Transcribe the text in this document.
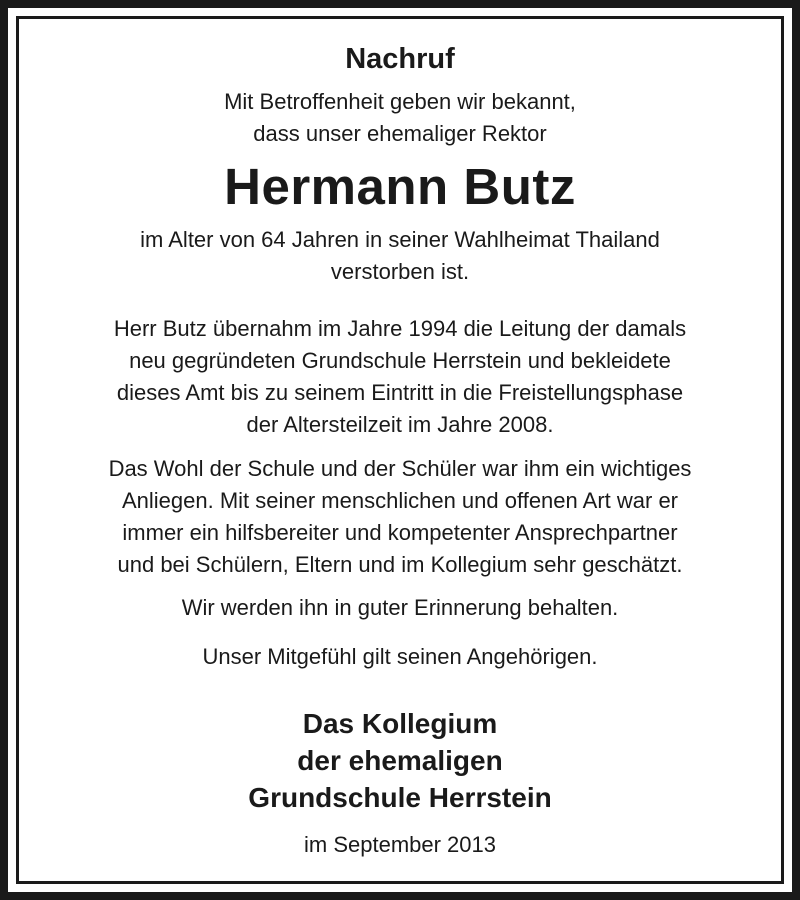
Nachruf
Mit Betroffenheit geben wir bekannt,
dass unser ehemaliger Rektor
Hermann Butz
im Alter von 64 Jahren in seiner Wahlheimat Thailand
verstorben ist.
Herr Butz übernahm im Jahre 1994 die Leitung der damals
neu gegründeten Grundschule Herrstein und bekleidete
dieses Amt bis zu seinem Eintritt in die Freistellungsphase
der Altersteilzeit im Jahre 2008.
Das Wohl der Schule und der Schüler war ihm ein wichtiges
Anliegen. Mit seiner menschlichen und offenen Art war er
immer ein hilfsbereiter und kompetenter Ansprechpartner
und bei Schülern, Eltern und im Kollegium sehr geschätzt.
Wir werden ihn in guter Erinnerung behalten.
Unser Mitgefühl gilt seinen Angehörigen.
Das Kollegium
der ehemaligen
Grundschule Herrstein
im September 2013
